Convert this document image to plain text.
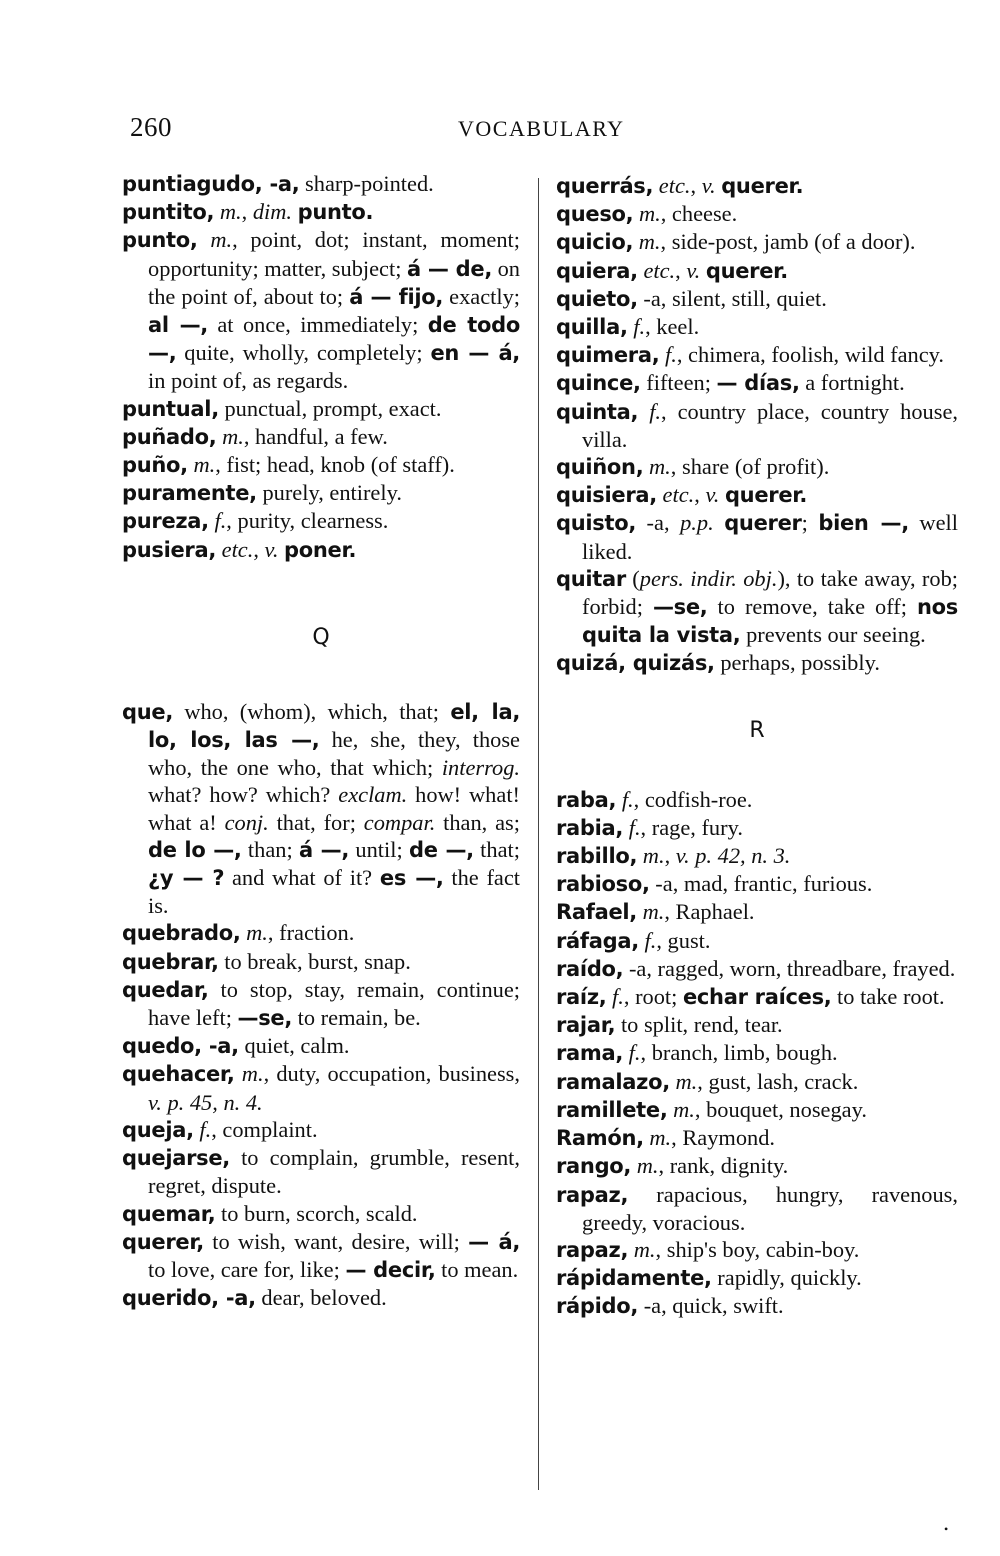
260	VOCABULARY

puntiagudo, -a, sharp-pointed.

puntito, m., dim. punto.

punto, m., point, dot; instant, moment; opportunity; matter, subject; á — de, on the point of, about to; á — fijo, exactly; al —, at once, immediately; de todo —, quite, wholly, completely; en — á, in point of, as regards.

puntual, punctual, prompt, exact.

puñado, m., handful, a few.

puño, m., fist; head, knob (of staff).

puramente, purely, entirely.

pureza, f., purity, clearness.

pusiera, etc., v. poner.

Q

que, who, (whom), which, that; el, la, lo, los, las —, he, she, they, those who, the one who, that which; interrog. what? how? which? exclam. how! what! what a! conj. that, for; compar. than, as; de lo —, than; á —, until; de —, that; ¿y — ? and what of it? es —, the fact is.

quebrado, m., fraction.

quebrar, to break, burst, snap.

quedar, to stop, stay, remain, continue; have left; —se, to remain, be.

quedo, -a, quiet, calm.

quehacer, m., duty, occupation, business, v. p. 45, n. 4.

queja, f., complaint.

quejarse, to complain, grumble, resent, regret, dispute.

quemar, to burn, scorch, scald.

querer, to wish, want, desire, will; — á, to love, care for, like; — decir, to mean.

querido, -a, dear, beloved.

querrás, etc., v. querer.

queso, m., cheese.

quicio, m., side-post, jamb (of a door).

quiera, etc., v. querer.

quieto, -a, silent, still, quiet.

quilla, f., keel.

quimera, f., chimera, foolish, wild fancy.

quince, fifteen; — días, a fortnight.

quinta, f., country place, country house, villa.

quiñon, m., share (of profit).

quisiera, etc., v. querer.

quisto, -a, p.p. querer; bien —, well liked.

quitar (pers. indir. obj.), to take away, rob; forbid; —se, to remove, take off; nos quita la vista, prevents our seeing.

quizá, quizás, perhaps, possibly.

R

raba, f., codfish-roe.

rabia, f., rage, fury.

rabillo, m., v. p. 42, n. 3.

rabioso, -a, mad, frantic, furious.

Rafael, m., Raphael.

ráfaga, f., gust.

raído, -a, ragged, worn, threadbare, frayed.

raíz, f., root; echar raíces, to take root.

rajar, to split, rend, tear.

rama, f., branch, limb, bough.

ramalazo, m., gust, lash, crack.

ramillete, m., bouquet, nosegay.

Ramón, m., Raymond.

rango, m., rank, dignity.

rapaz, rapacious, hungry, ravenous, greedy, voracious.

rapaz, m., ship's boy, cabin-boy.

rápidamente, rapidly, quickly.

rápido, -a, quick, swift.

•
